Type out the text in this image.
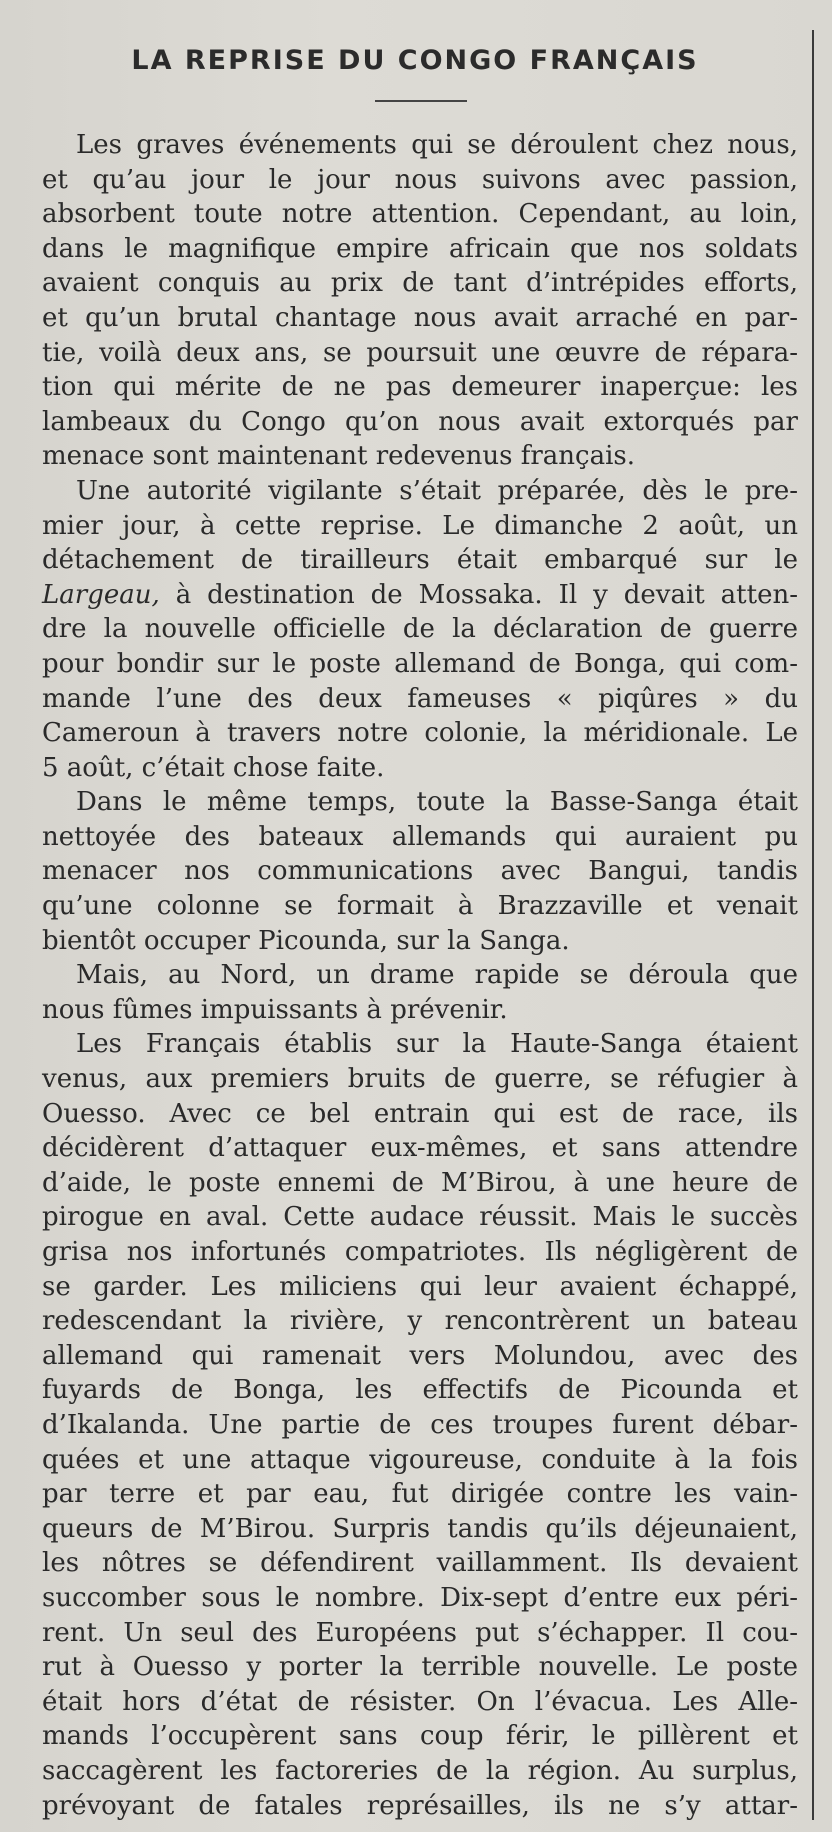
LA REPRISE DU CONGO FRANÇAIS
Les graves événements qui se déroulent chez nous,
et qu’au jour le jour nous suivons avec passion,
absorbent toute notre attention. Cependant, au loin,
dans le magnifique empire africain que nos soldats
avaient conquis au prix de tant d’intrépides efforts,
et qu’un brutal chantage nous avait arraché en par-
tie, voilà deux ans, se poursuit une œuvre de répara-
tion qui mérite de ne pas demeurer inaperçue: les
lambeaux du Congo qu’on nous avait extorqués par
menace sont maintenant redevenus français.
Une autorité vigilante s’était préparée, dès le pre-
mier jour, à cette reprise. Le dimanche 2 août, un
détachement de tirailleurs était embarqué sur le
Largeau, à destination de Mossaka. Il y devait atten-
dre la nouvelle officielle de la déclaration de guerre
pour bondir sur le poste allemand de Bonga, qui com-
mande l’une des deux fameuses « piqûres » du
Cameroun à travers notre colonie, la méridionale. Le
5 août, c’était chose faite.
Dans le même temps, toute la Basse-Sanga était
nettoyée des bateaux allemands qui auraient pu
menacer nos communications avec Bangui, tandis
qu’une colonne se formait à Brazzaville et venait
bientôt occuper Picounda, sur la Sanga.
Mais, au Nord, un drame rapide se déroula que
nous fûmes impuissants à prévenir.
Les Français établis sur la Haute-Sanga étaient
venus, aux premiers bruits de guerre, se réfugier à
Ouesso. Avec ce bel entrain qui est de race, ils
décidèrent d’attaquer eux-mêmes, et sans attendre
d’aide, le poste ennemi de M’Birou, à une heure de
pirogue en aval. Cette audace réussit. Mais le succès
grisa nos infortunés compatriotes. Ils négligèrent de
se garder. Les miliciens qui leur avaient échappé,
redescendant la rivière, y rencontrèrent un bateau
allemand qui ramenait vers Molundou, avec des
fuyards de Bonga, les effectifs de Picounda et
d’Ikalanda. Une partie de ces troupes furent débar-
quées et une attaque vigoureuse, conduite à la fois
par terre et par eau, fut dirigée contre les vain-
queurs de M’Birou. Surpris tandis qu’ils déjeunaient,
les nôtres se défendirent vaillamment. Ils devaient
succomber sous le nombre. Dix-sept d’entre eux péri-
rent. Un seul des Européens put s’échapper. Il cou-
rut à Ouesso y porter la terrible nouvelle. Le poste
était hors d’état de résister. On l’évacua. Les Alle-
mands l’occupèrent sans coup férir, le pillèrent et
saccagèrent les factoreries de la région. Au surplus,
prévoyant de fatales représailles, ils ne s’y attar-
